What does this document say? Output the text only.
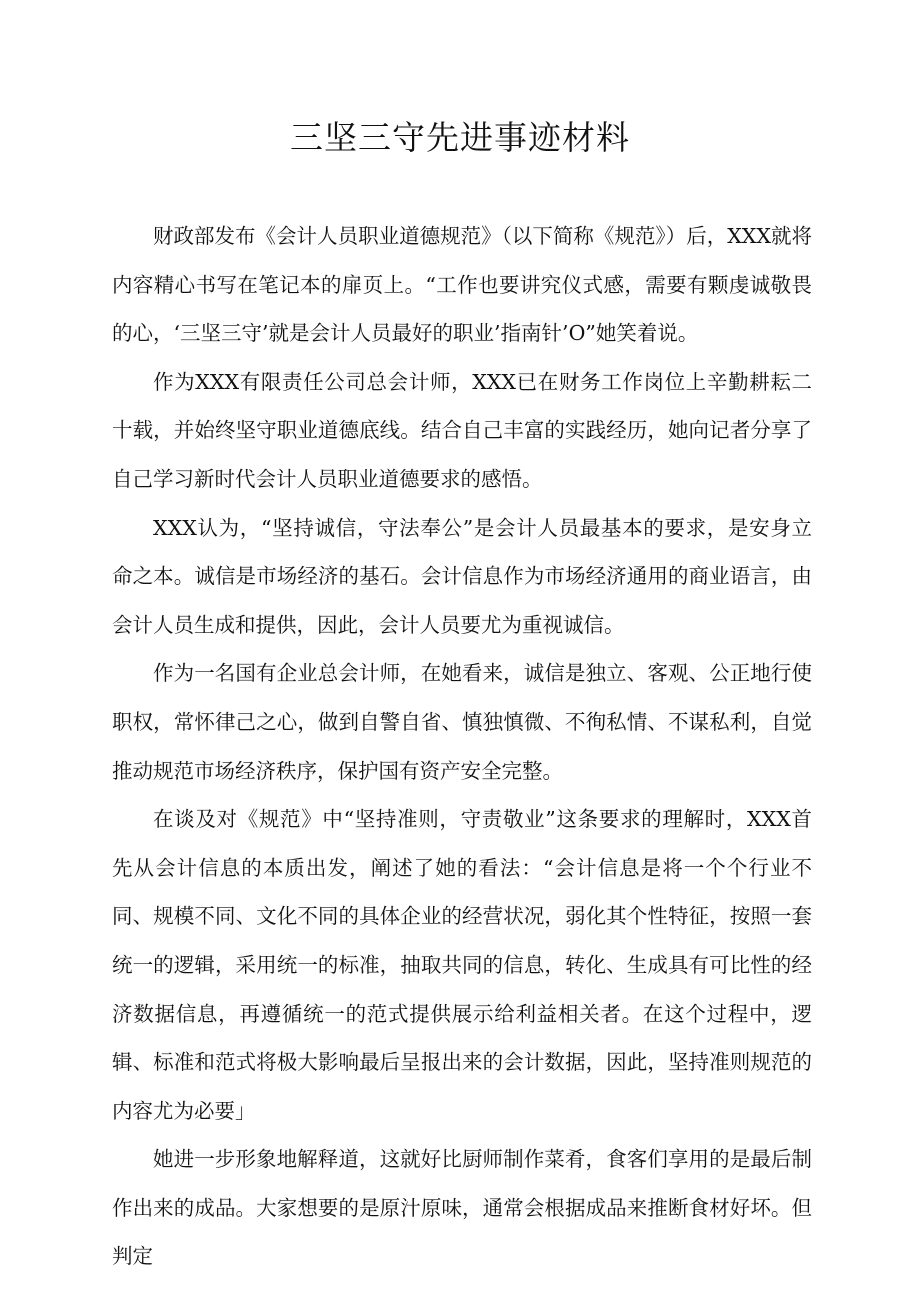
三坚三守先进事迹材料

财政部发布《会计人员职业道德规范》（以下简称《规范》）后，XXX就将内容精心书写在笔记本的扉页上。“工作也要讲究仪式感，需要有颗虔诚敬畏的心，‘三坚三守’就是会计人员最好的职业’指南针’O”她笑着说。

作为XXX有限责任公司总会计师，XXX已在财务工作岗位上辛勤耕耘二十载，并始终坚守职业道德底线。结合自己丰富的实践经历，她向记者分享了自己学习新时代会计人员职业道德要求的感悟。

XXX认为，“坚持诚信，守法奉公”是会计人员最基本的要求，是安身立命之本。诚信是市场经济的基石。会计信息作为市场经济通用的商业语言，由会计人员生成和提供，因此，会计人员要尤为重视诚信。

作为一名国有企业总会计师，在她看来，诚信是独立、客观、公正地行使职权，常怀律己之心，做到自警自省、慎独慎微、不徇私情、不谋私利，自觉推动规范市场经济秩序，保护国有资产安全完整。

在谈及对《规范》中“坚持准则，守责敬业”这条要求的理解时，XXX首先从会计信息的本质出发，阐述了她的看法：“会计信息是将一个个行业不同、规模不同、文化不同的具体企业的经营状况，弱化其个性特征，按照一套统一的逻辑，采用统一的标准，抽取共同的信息，转化、生成具有可比性的经济数据信息，再遵循统一的范式提供展示给利益相关者。在这个过程中，逻辑、标准和范式将极大影响最后呈报出来的会计数据，因此，坚持准则规范的内容尤为必要」

她进一步形象地解释道，这就好比厨师制作菜肴，食客们享用的是最后制作出来的成品。大家想要的是原汁原味，通常会根据成品来推断食材好坏。但判定
